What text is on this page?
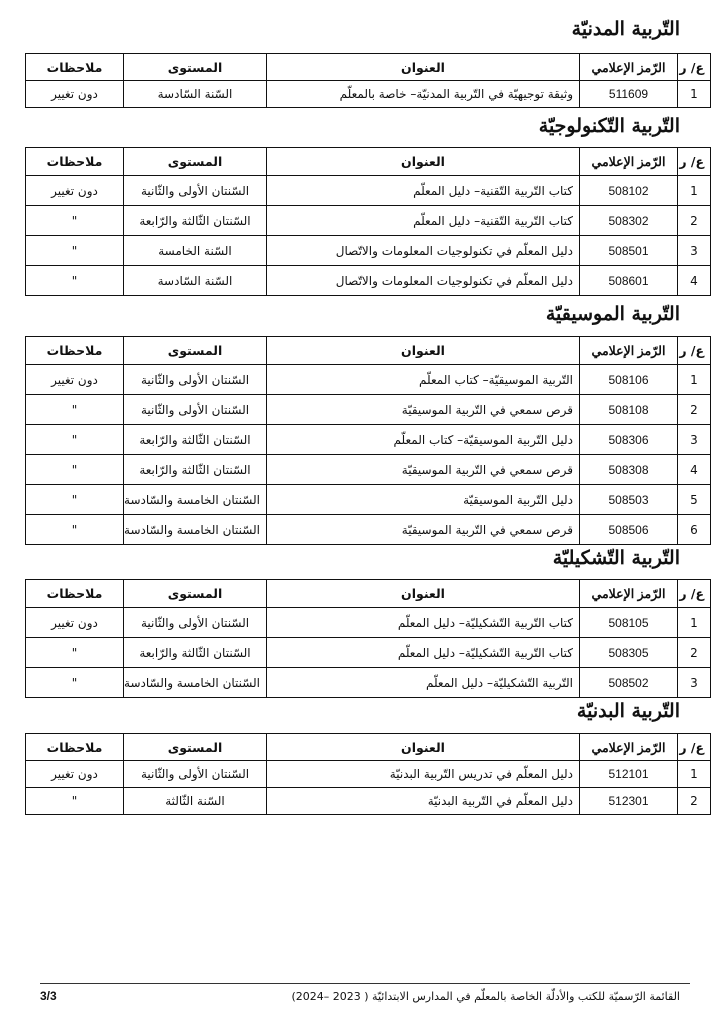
التّربية المدنيّة
ع/ ر	الرّمز الإعلامي	العنوان	المستوى	ملاحظات
1	511609	وثيقة توجيهيّة في التّربية المدنيّة– خاصة بالمعلّم	السّنة السّادسة	دون تغيير
التّربية التّكنولوجيّة
ع/ ر	الرّمز الإعلامي	العنوان	المستوى	ملاحظات
1	508102	كتاب التّربية التّقنية– دليل المعلّم	السّنتان الأولى والثّانية	دون تغيير
2	508302	كتاب التّربية التّقنية– دليل المعلّم	السّنتان الثّالثة والرّابعة	"
3	508501	دليل المعلّم في تكنولوجيات المعلومات والاتّصال	السّنة الخامسة	"
4	508601	دليل المعلّم في تكنولوجيات المعلومات والاتّصال	السّنة السّادسة	"
التّربية الموسيقيّة
ع/ ر	الرّمز الإعلامي	العنوان	المستوى	ملاحظات
1	508106	التّربية الموسيقيّة– كتاب المعلّم	السّنتان الأولى والثّانية	دون تغيير
2	508108	قرص سمعي في التّربية الموسيقيّة	السّنتان الأولى والثّانية	"
3	508306	دليل التّربية الموسيقيّة– كتاب المعلّم	السّنتان الثّالثة والرّابعة	"
4	508308	قرص سمعي في التّربية الموسيقيّة	السّنتان الثّالثة والرّابعة	"
5	508503	دليل التّربية الموسيقيّة	السّنتان الخامسة والسّادسة	"
6	508506	قرص سمعي في التّربية الموسيقيّة	السّنتان الخامسة والسّادسة	"
التّربية التّشكيليّة
ع/ ر	الرّمز الإعلامي	العنوان	المستوى	ملاحظات
1	508105	كتاب التّربية التّشكيليّة– دليل المعلّم	السّنتان الأولى والثّانية	دون تغيير
2	508305	كتاب التّربية التّشكيليّة– دليل المعلّم	السّنتان الثّالثة والرّابعة	"
3	508502	التّربية التّشكيليّة– دليل المعلّم	السّنتان الخامسة والسّادسة	"
التّربية البدنيّة
ع/ ر	الرّمز الإعلامي	العنوان	المستوى	ملاحظات
1	512101	دليل المعلّم في تدريس التّربية البدنيّة	السّنتان الأولى والثّانية	دون تغيير
2	512301	دليل المعلّم في التّربية البدنيّة	السّنة الثّالثة	"
القائمة الرّسميّة للكتب والأدلّة الخاصة بالمعلّم في المدارس الابتدائيّة ( 2023 –2024)
3/3
